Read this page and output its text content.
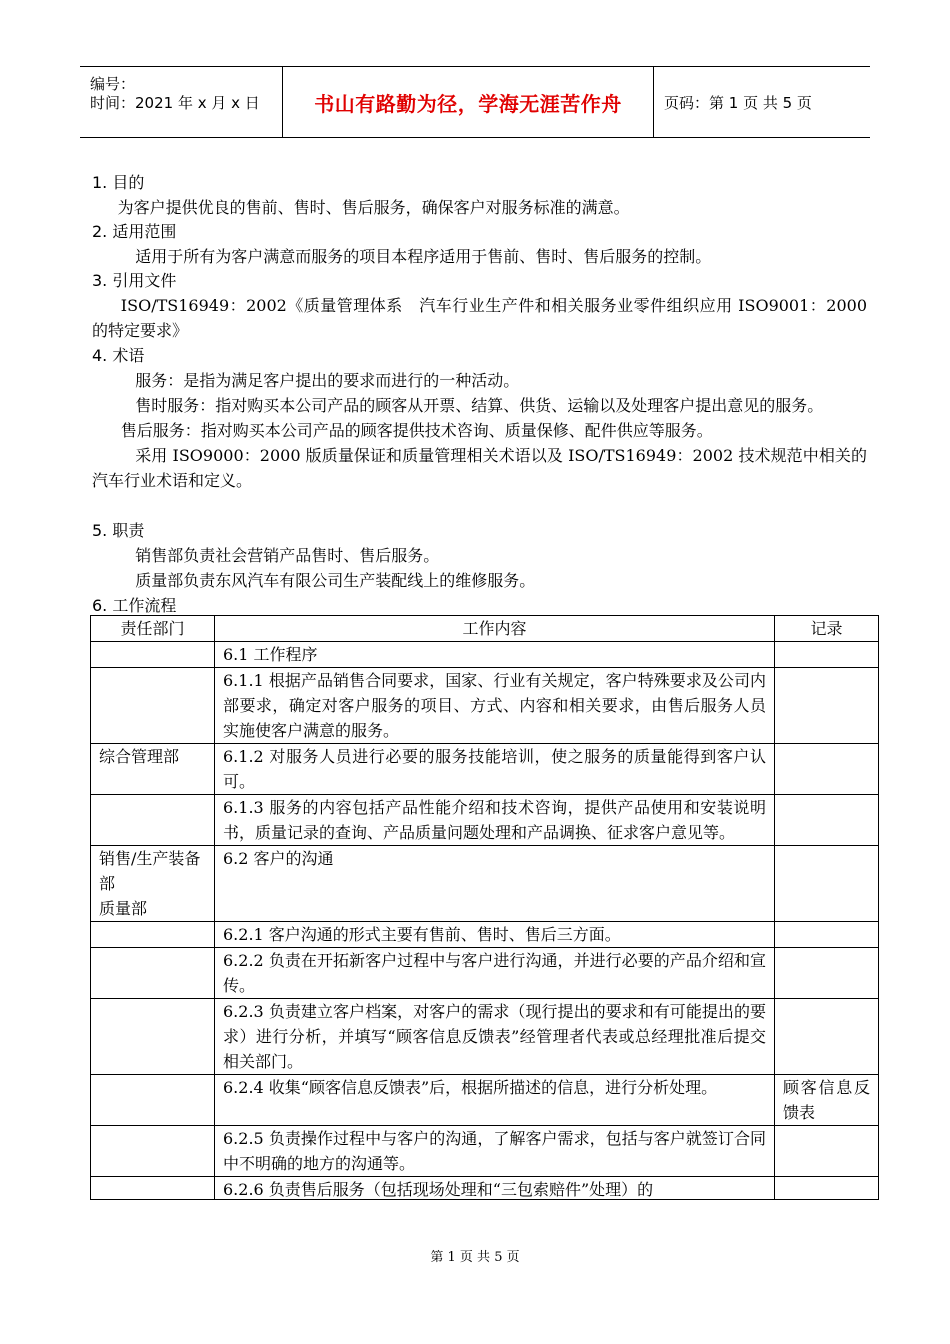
编号：
时间：2021 年 x 月 x 日	书山有路勤为径，学海无涯苦作舟	页码：第 1 页 共 5 页
1. 目的
为客户提供优良的售前、售时、售后服务，确保客户对服务标准的满意。
2. 适用范围
适用于所有为客户满意而服务的项目本程序适用于售前、售时、售后服务的控制。
3. 引用文件
ISO/TS16949：2002《质量管理体系　汽车行业生产件和相关服务业零件组织应用 ISO9001：2000 的特定要求》
4. 术语
服务：是指为满足客户提出的要求而进行的一种活动。
售时服务：指对购买本公司产品的顾客从开票、结算、供货、运输以及处理客户提出意见的服务。
售后服务：指对购买本公司产品的顾客提供技术咨询、质量保修、配件供应等服务。
采用 ISO9000：2000 版质量保证和质量管理相关术语以及 ISO/TS16949：2002 技术规范中相关的汽车行业术语和定义。
5. 职责
销售部负责社会营销产品售时、售后服务。
质量部负责东风汽车有限公司生产装配线上的维修服务。
6. 工作流程
责任部门	工作内容	记录
	6.1 工作程序	
	6.1.1 根据产品销售合同要求，国家、行业有关规定，客户特殊要求及公司内部要求，确定对客户服务的项目、方式、内容和相关要求，由售后服务人员实施使客户满意的服务。	
综合管理部	6.1.2 对服务人员进行必要的服务技能培训，使之服务的质量能得到客户认可。	
	6.1.3 服务的内容包括产品性能介绍和技术咨询，提供产品使用和安装说明书，质量记录的查询、产品质量问题处理和产品调换、征求客户意见等。	
销售/生产装备部
质量部	6.2 客户的沟通	
	6.2.1 客户沟通的形式主要有售前、售时、售后三方面。	
	6.2.2 负责在开拓新客户过程中与客户进行沟通，并进行必要的产品介绍和宣传。	
	6.2.3 负责建立客户档案，对客户的需求（现行提出的要求和有可能提出的要求）进行分析，并填写“顾客信息反馈表”经管理者代表或总经理批准后提交相关部门。	
	6.2.4 收集“顾客信息反馈表”后，根据所描述的信息，进行分析处理。	顾客信息反馈表
	6.2.5 负责操作过程中与客户的沟通，了解客户需求，包括与客户就签订合同中不明确的地方的沟通等。	

	6.2.6 负责售后服务（包括现场处理和“三包索赔件”处理）的	

第 1 页 共 5 页
